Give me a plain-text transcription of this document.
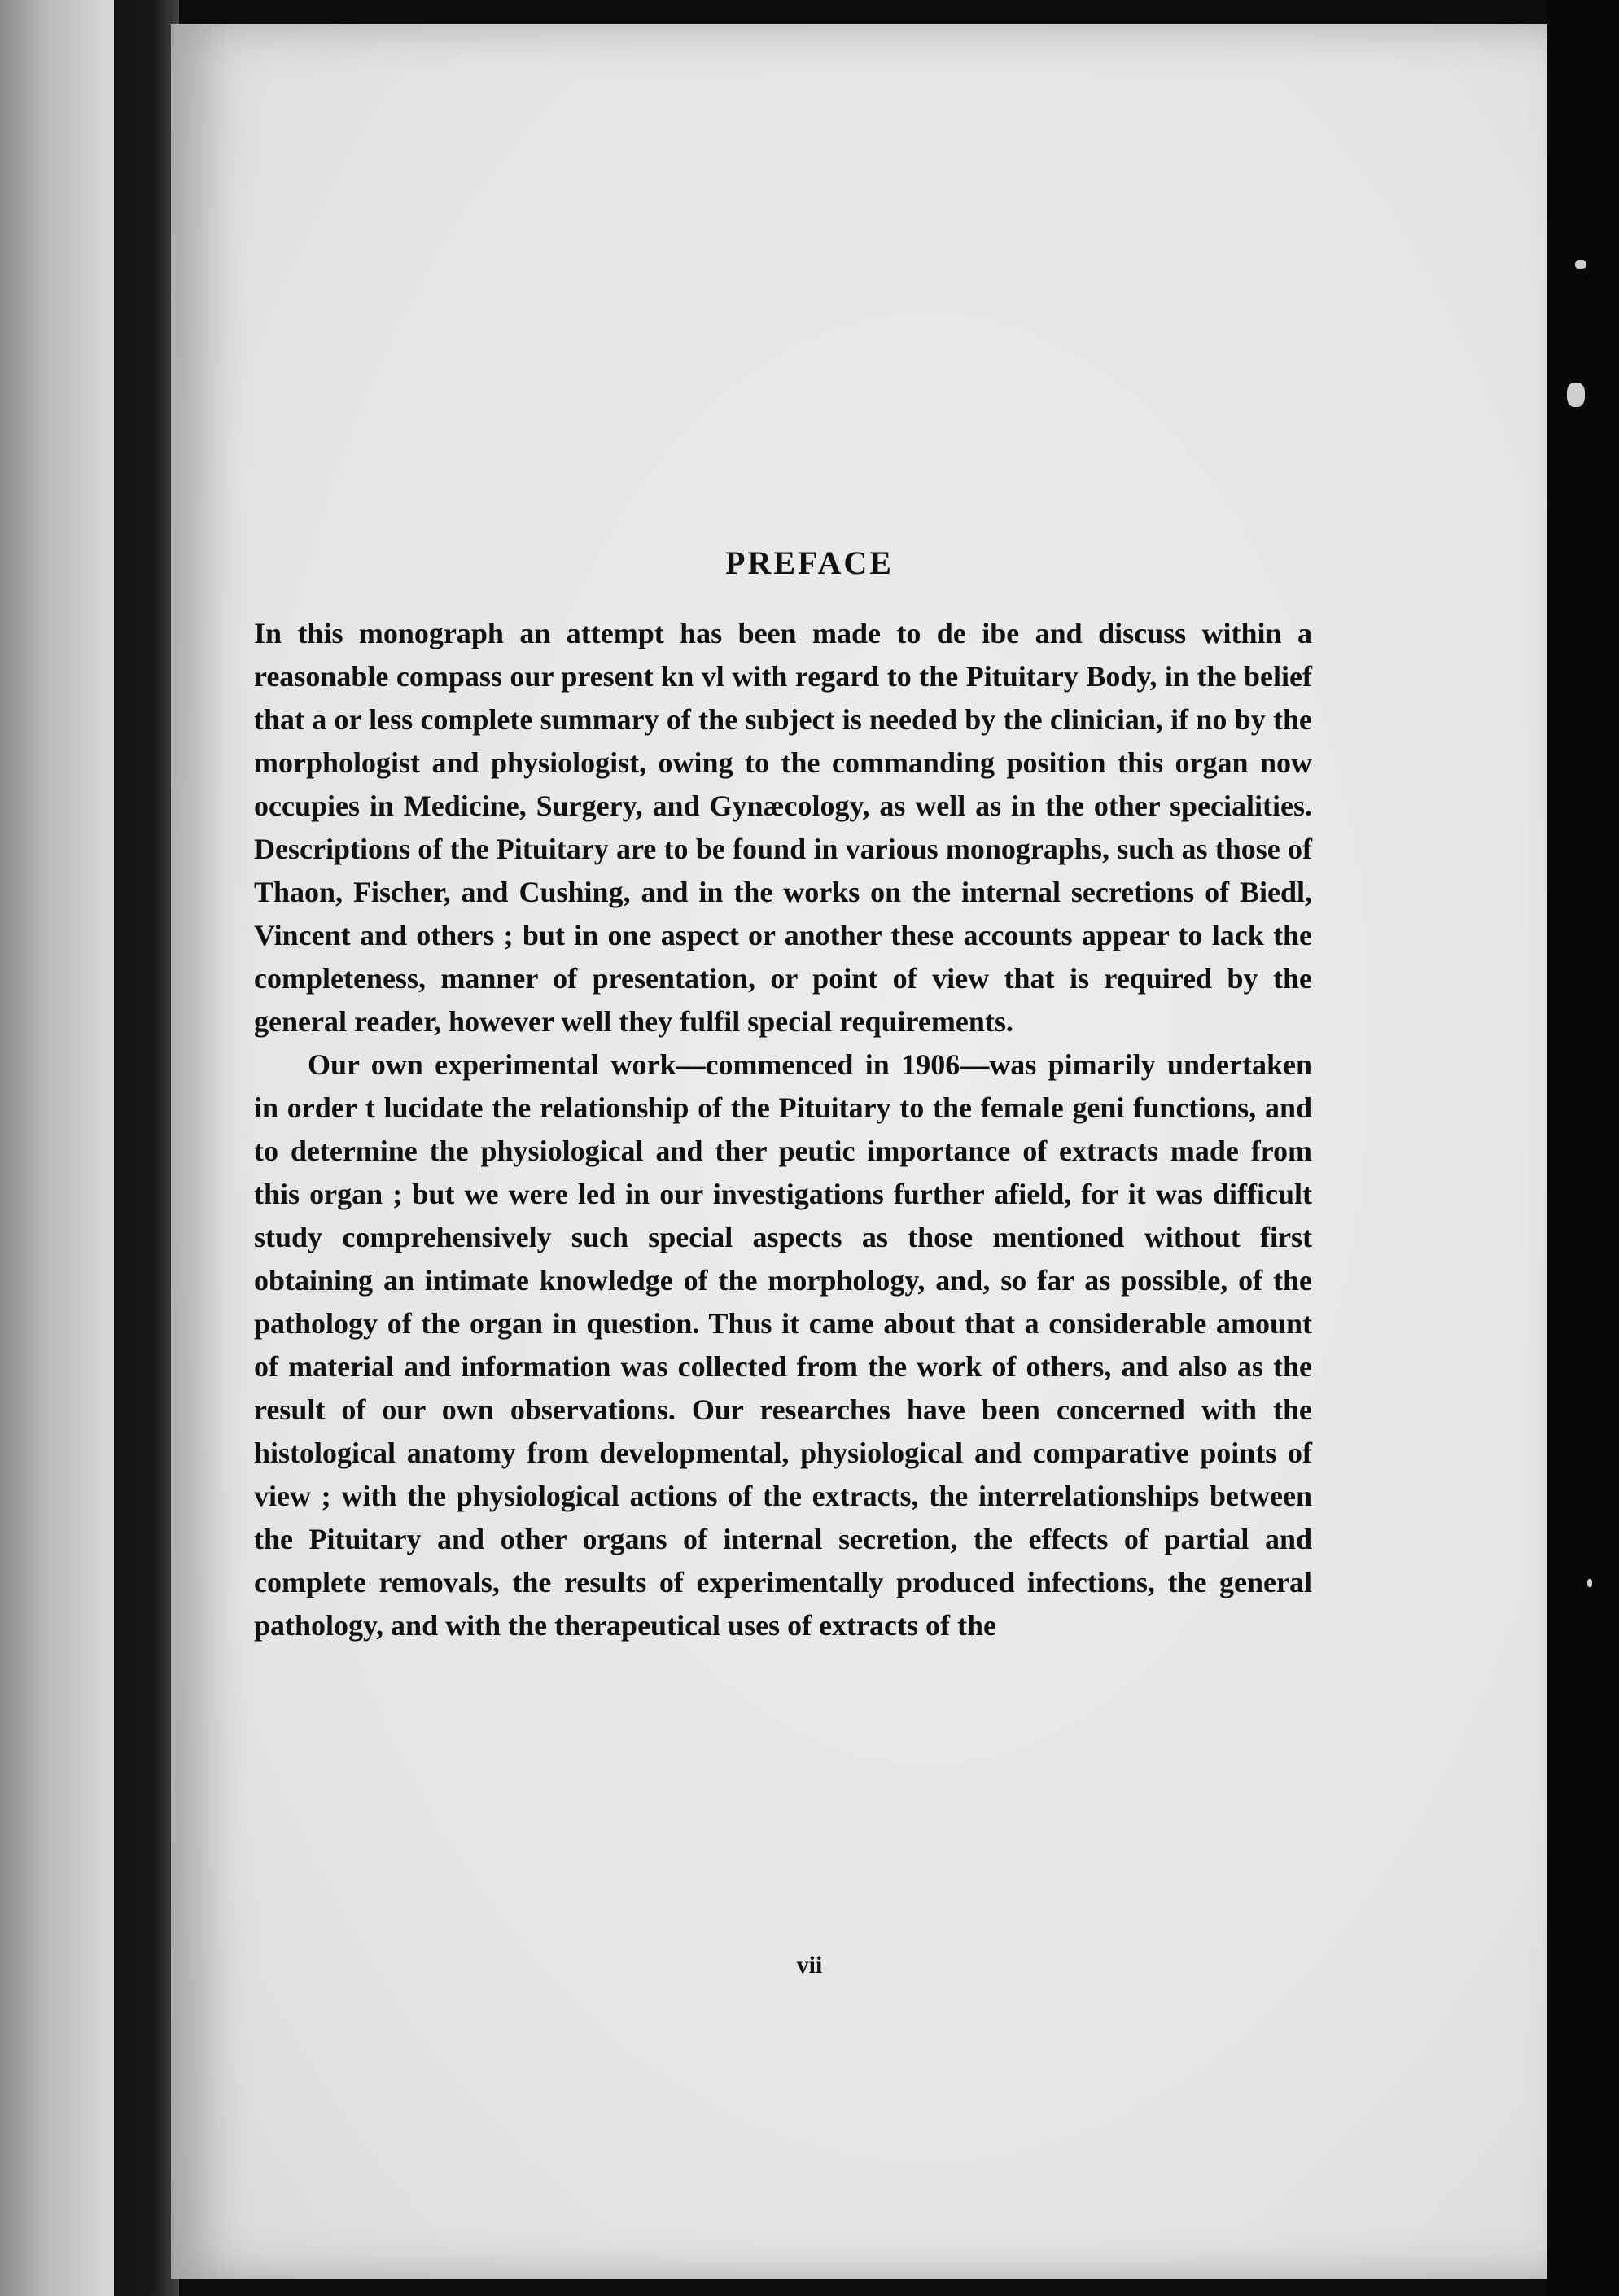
PREFACE

In this monograph an attempt has been made to de ibe and discuss within a reasonable compass our present kn vl with regard to the Pituitary Body, in the belief that a or less complete summary of the subject is needed by the clinician, if no by the morphologist and physiologist, owing to the commanding position this organ now occupies in Medicine, Surgery, and Gynæcology, as well as in the other specialities. Descriptions of the Pituitary are to be found in various monographs, such as those of Thaon, Fischer, and Cushing, and in the works on the internal secretions of Biedl, Vincent and others ; but in one aspect or another these accounts appear to lack the completeness, manner of presentation, or point of view that is required by the general reader, however well they fulfil special requirements.

Our own experimental work—commenced in 1906—was pimarily undertaken in order t lucidate the relationship of the Pituitary to the female geni functions, and to determine the physiological and ther peutic importance of extracts made from this organ ; but we were led in our investigations further afield, for it was difficult study comprehensively such special aspects as those mentioned without first obtaining an intimate knowledge of the morphology, and, so far as possible, of the pathology of the organ in question. Thus it came about that a considerable amount of material and information was collected from the work of others, and also as the result of our own observations. Our researches have been concerned with the histological anatomy from developmental, physiological and comparative points of view ; with the physiological actions of the extracts, the interrelationships between the Pituitary and other organs of internal secretion, the effects of partial and complete removals, the results of experimentally produced infections, the general pathology, and with the therapeutical uses of extracts of the

vii
